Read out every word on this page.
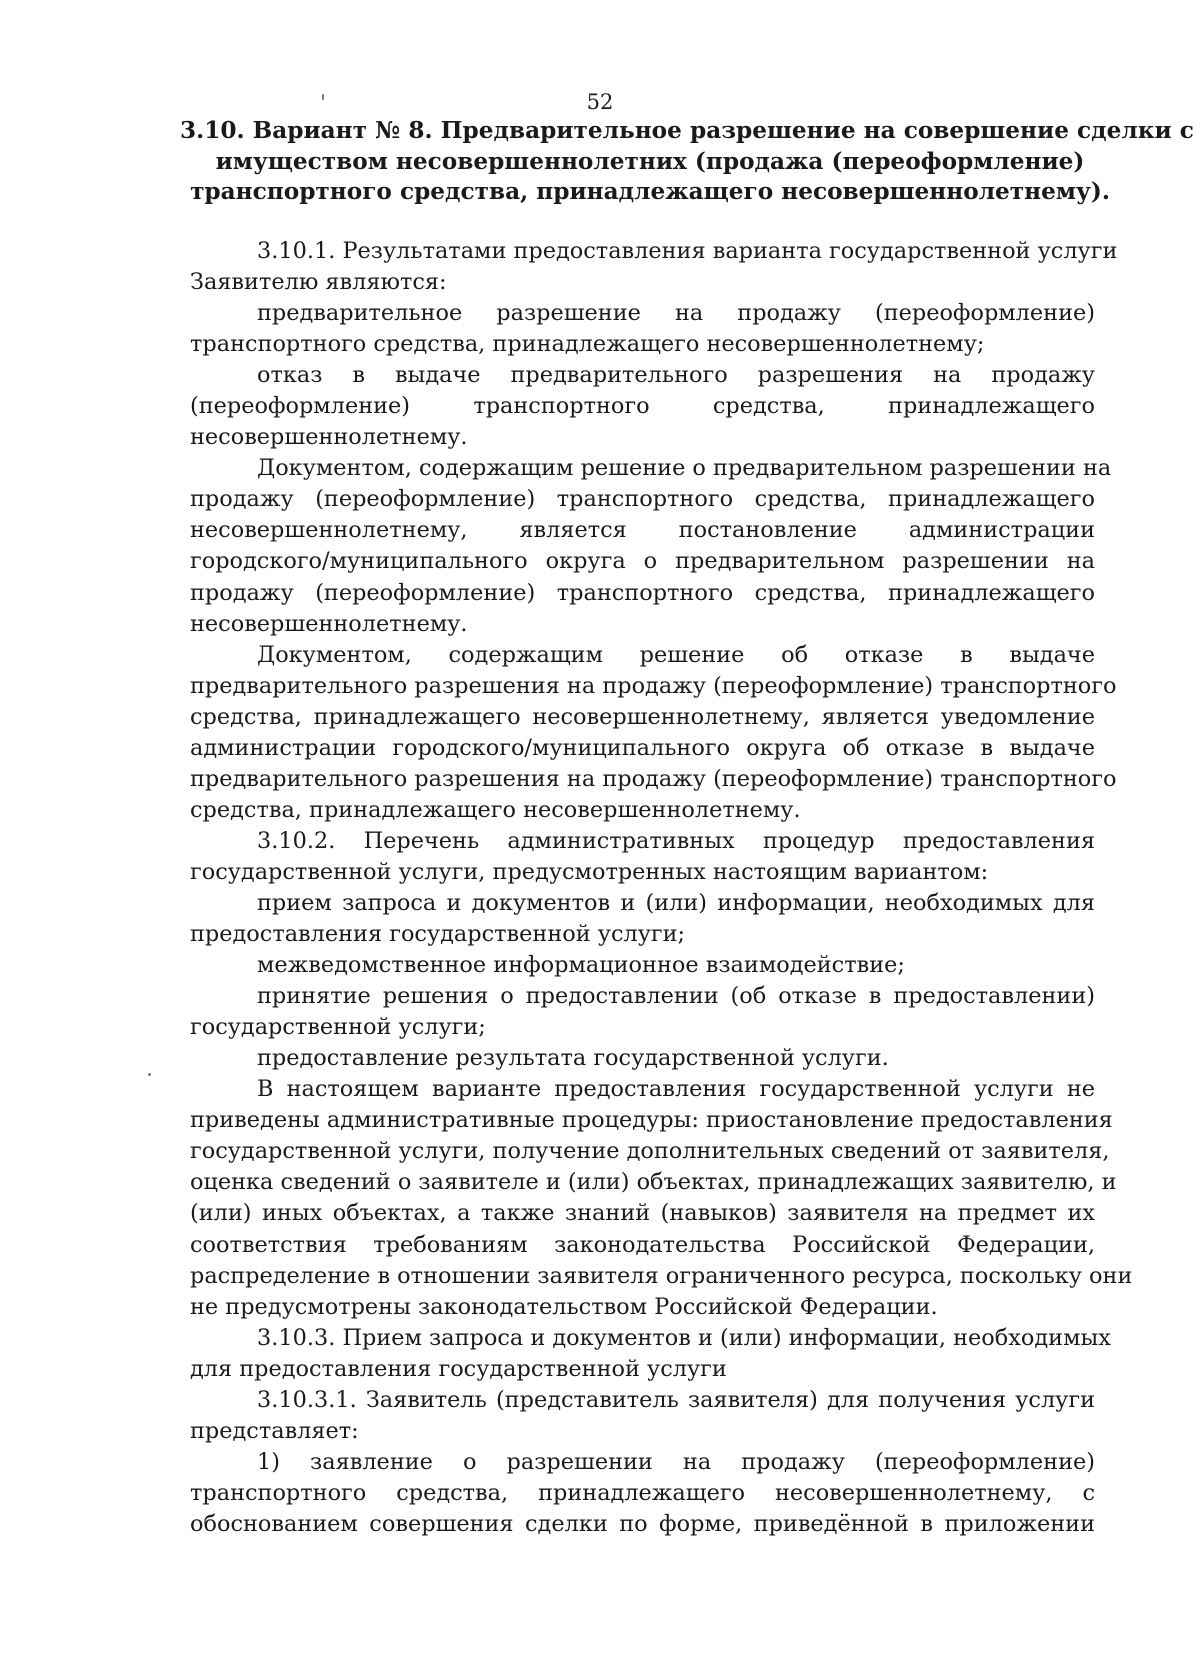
52
3.10. Вариант № 8. Предварительное разрешение на совершение сделки с
имуществом несовершеннолетних (продажа (переоформление)
транспортного средства, принадлежащего несовершеннолетнему).
3.10.1. Результатами предоставления варианта государственной услуги
Заявителю являются:
предварительное разрешение на продажу (переоформление)
транспортного средства, принадлежащего несовершеннолетнему;
отказ в выдаче предварительного разрешения на продажу
(переоформление) транспортного средства, принадлежащего
несовершеннолетнему.
Документом, содержащим решение о предварительном разрешении на
продажу (переоформление) транспортного средства, принадлежащего
несовершеннолетнему, является постановление администрации
городского/муниципального округа о предварительном разрешении на
продажу (переоформление) транспортного средства, принадлежащего
несовершеннолетнему.
Документом, содержащим решение об отказе в выдаче
предварительного разрешения на продажу (переоформление) транспортного
средства, принадлежащего несовершеннолетнему, является уведомление
администрации городского/муниципального округа об отказе в выдаче
предварительного разрешения на продажу (переоформление) транспортного
средства, принадлежащего несовершеннолетнему.
3.10.2. Перечень административных процедур предоставления
государственной услуги, предусмотренных настоящим вариантом:
прием запроса и документов и (или) информации, необходимых для
предоставления государственной услуги;
межведомственное информационное взаимодействие;
принятие решения о предоставлении (об отказе в предоставлении)
государственной услуги;
предоставление результата государственной услуги.
В настоящем варианте предоставления государственной услуги не
приведены административные процедуры: приостановление предоставления
государственной услуги, получение дополнительных сведений от заявителя,
оценка сведений о заявителе и (или) объектах, принадлежащих заявителю, и
(или) иных объектах, а также знаний (навыков) заявителя на предмет их
соответствия требованиям законодательства Российской Федерации,
распределение в отношении заявителя ограниченного ресурса, поскольку они
не предусмотрены законодательством Российской Федерации.
3.10.3. Прием запроса и документов и (или) информации, необходимых
для предоставления государственной услуги
3.10.3.1. Заявитель (представитель заявителя) для получения услуги
представляет:
1) заявление о разрешении на продажу (переоформление)
транспортного средства, принадлежащего несовершеннолетнему, с
обоснованием совершения сделки по форме, приведённой в приложении
